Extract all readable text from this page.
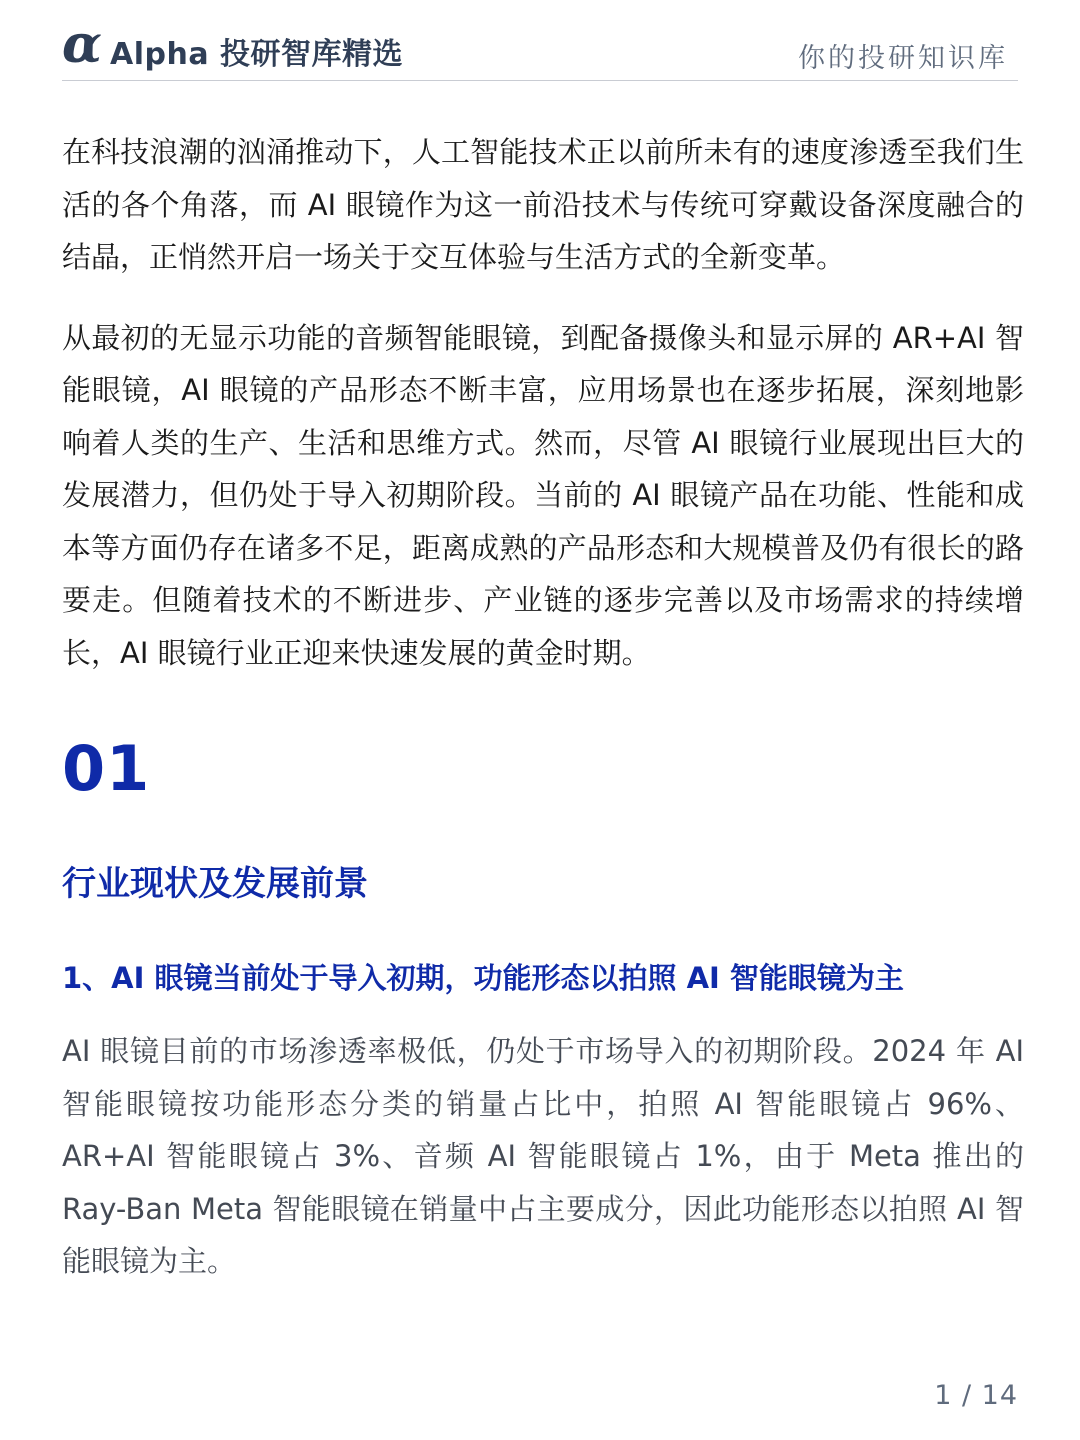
α Alpha 投研智库精选	你的投研知识库

在科技浪潮的汹涌推动下，人工智能技术正以前所未有的速度渗透至我们生活的各个角落，而 AI 眼镜作为这一前沿技术与传统可穿戴设备深度融合的结晶，正悄然开启一场关于交互体验与生活方式的全新变革。

从最初的无显示功能的音频智能眼镜，到配备摄像头和显示屏的 AR+AI 智能眼镜，AI 眼镜的产品形态不断丰富，应用场景也在逐步拓展，深刻地影响着人类的生产、生活和思维方式。然而，尽管 AI 眼镜行业展现出巨大的发展潜力，但仍处于导入初期阶段。当前的 AI 眼镜产品在功能、性能和成本等方面仍存在诸多不足，距离成熟的产品形态和大规模普及仍有很长的路要走。但随着技术的不断进步、产业链的逐步完善以及市场需求的持续增长，AI 眼镜行业正迎来快速发展的黄金时期。

01
行业现状及发展前景
1、AI 眼镜当前处于导入初期，功能形态以拍照 AI 智能眼镜为主

AI 眼镜目前的市场渗透率极低，仍处于市场导入的初期阶段。2024 年 AI 智能眼镜按功能形态分类的销量占比中，拍照 AI 智能眼镜占 96%、AR+AI 智能眼镜占 3%、音频 AI 智能眼镜占 1%，由于 Meta 推出的 Ray-Ban Meta 智能眼镜在销量中占主要成分，因此功能形态以拍照 AI 智能眼镜为主。

1 / 14
